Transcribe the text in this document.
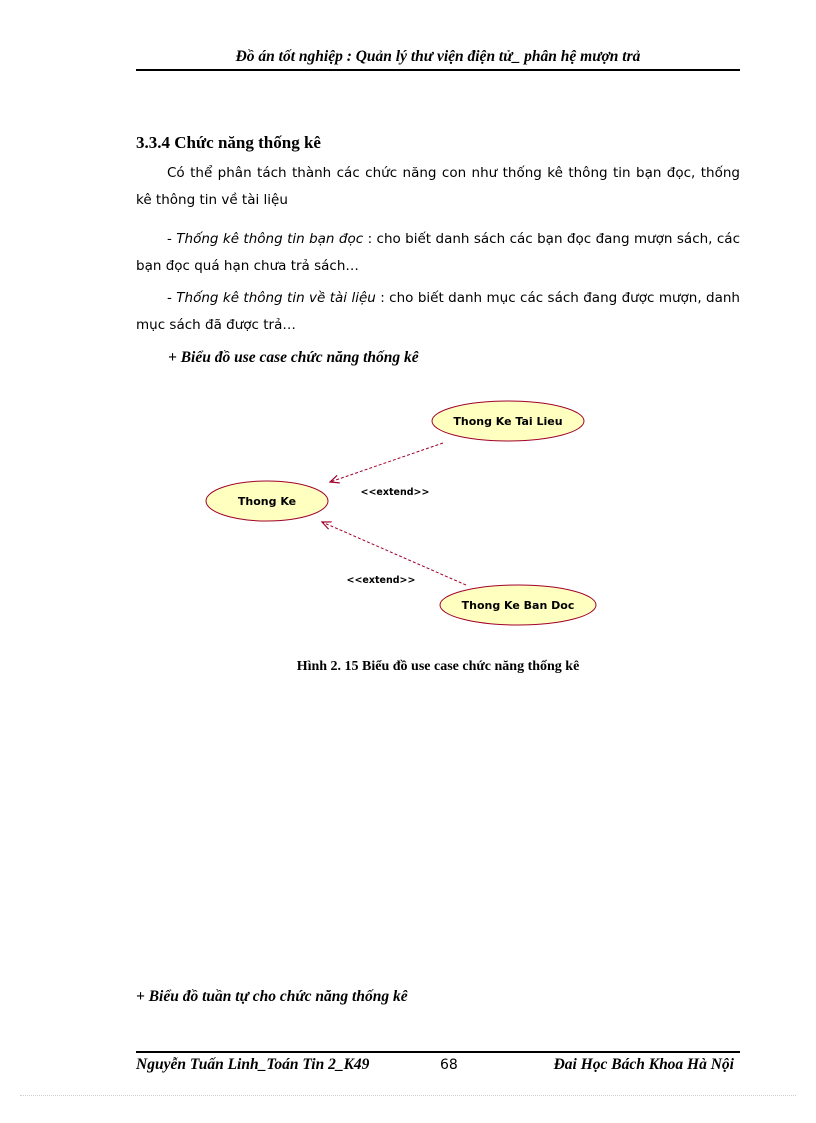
Đồ án tốt nghiệp : Quản lý thư viện điện tử_ phân hệ mượn trả
3.3.4 Chức năng thống kê
Có thể phân tách thành các chức năng con như thống kê thông tin bạn đọc, thống kê thông tin về tài liệu
- Thống kê thông tin bạn đọc : cho biết danh sách các bạn đọc đang mượn sách, các bạn đọc quá hạn chưa trả sách…
- Thống kê thông tin về tài liệu : cho biết danh mục các sách đang được mượn, danh mục sách đã được trả…
+ Biểu đồ use case chức năng thống kê
Thong Ke
Thong Ke Tai Lieu
Thong Ke Ban Doc
<<extend>>
<<extend>>
Hình 2. 15 Biểu đồ use case chức năng thống kê
+ Biểu đồ tuần tự cho chức năng thống kê
Nguyễn Tuấn Linh_Toán Tin 2_K49	68	Đai Học Bách Khoa Hà Nội
